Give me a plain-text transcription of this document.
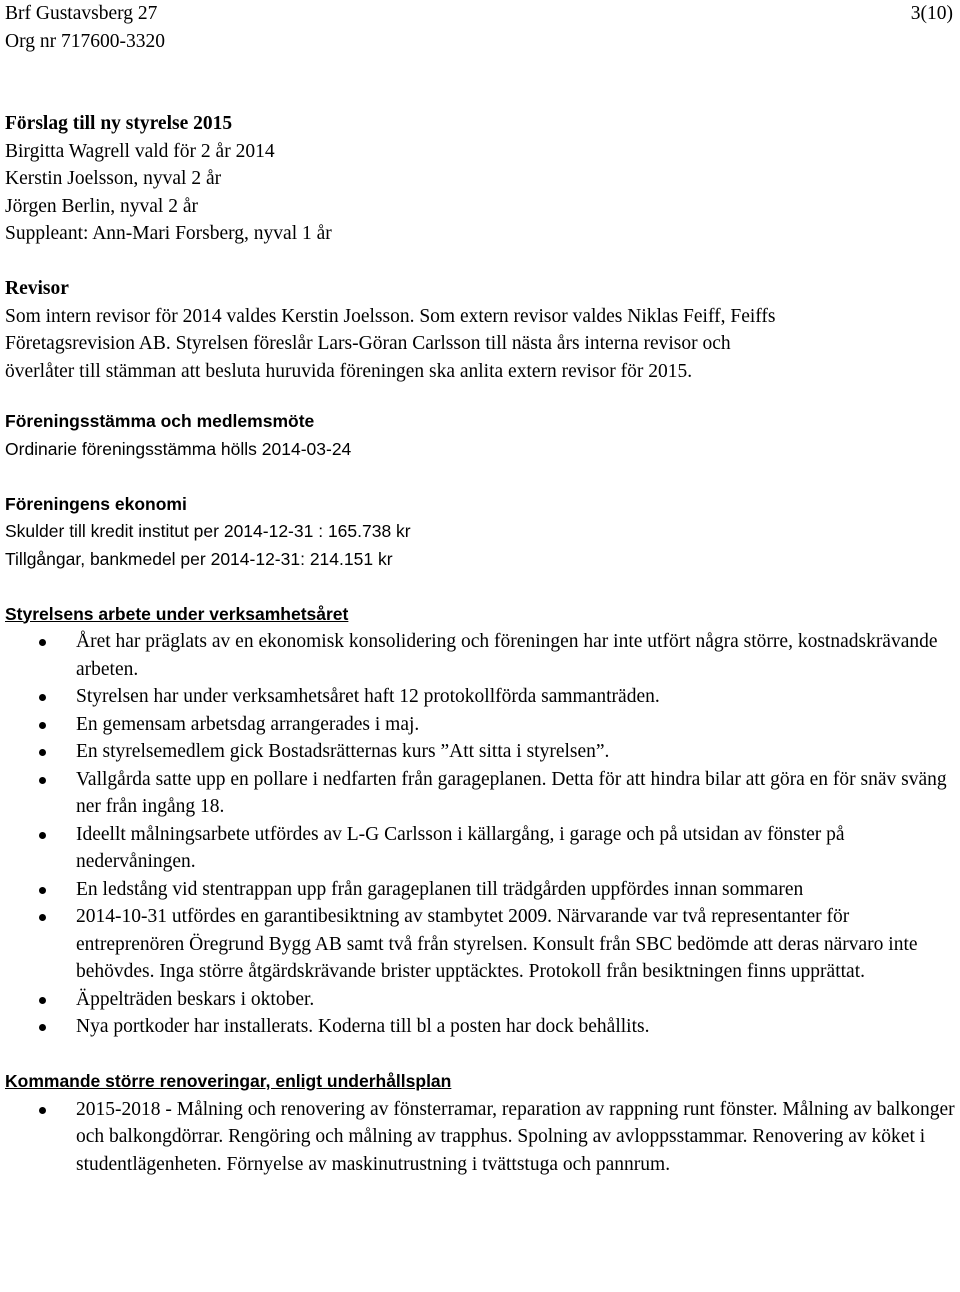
Brf Gustavsberg 27
Org nr 717600-3320
3(10)

Förslag till ny styrelse 2015

Birgitta Wagrell vald för 2 år 2014

Kerstin Joelsson, nyval 2 år

Jörgen Berlin, nyval 2 år

Suppleant: Ann-Mari Forsberg, nyval 1 år

Revisor

Som intern revisor för 2014 valdes Kerstin Joelsson. Som extern revisor valdes Niklas Feiff, Feiffs

Företagsrevision AB. Styrelsen föreslår Lars-Göran Carlsson till nästa års interna revisor och

överlåter till stämman att besluta huruvida föreningen ska anlita extern revisor för 2015.

Föreningsstämma och medlemsmöte

Ordinarie föreningsstämma hölls 2014-03-24

Föreningens ekonomi

Skulder till kredit institut per 2014-12-31 : 165.738 kr

Tillgångar, bankmedel per 2014-12-31: 214.151 kr

Styrelsens arbete under verksamhetsåret

Året har präglats av en ekonomisk konsolidering och föreningen har inte utfört några större, kostnadskrävande arbeten.
Styrelsen har under verksamhetsåret haft 12 protokollförda sammanträden.
En gemensam arbetsdag arrangerades i maj.
En styrelsemedlem gick Bostadsrätternas kurs ”Att sitta i styrelsen”.
Vallgårda satte upp en pollare i nedfarten från garageplanen. Detta för att hindra bilar att göra en för snäv sväng ner från ingång 18.
Ideellt målningsarbete utfördes av L-G Carlsson i källargång, i garage och på utsidan av fönster på nedervåningen.
En ledstång vid stentrappan upp från garageplanen till trädgården uppfördes innan sommaren
2014-10-31 utfördes en garantibesiktning av stambytet 2009. Närvarande var två representanter för entreprenören Öregrund Bygg AB samt två från styrelsen. Konsult från SBC bedömde att deras närvaro inte behövdes. Inga större åtgärdskrävande brister upptäcktes. Protokoll från besiktningen finns upprättat.
Äppelträden beskars i oktober.
Nya portkoder har installerats. Koderna till bl a posten har dock behållits.

Kommande större renoveringar, enligt underhållsplan

2015-2018 - Målning och renovering av fönsterramar, reparation av rappning runt fönster. Målning av balkonger och balkongdörrar. Rengöring och målning av trapphus. Spolning av avloppsstammar. Renovering av köket i studentlägenheten. Förnyelse av maskinutrustning i tvättstuga och pannrum.
